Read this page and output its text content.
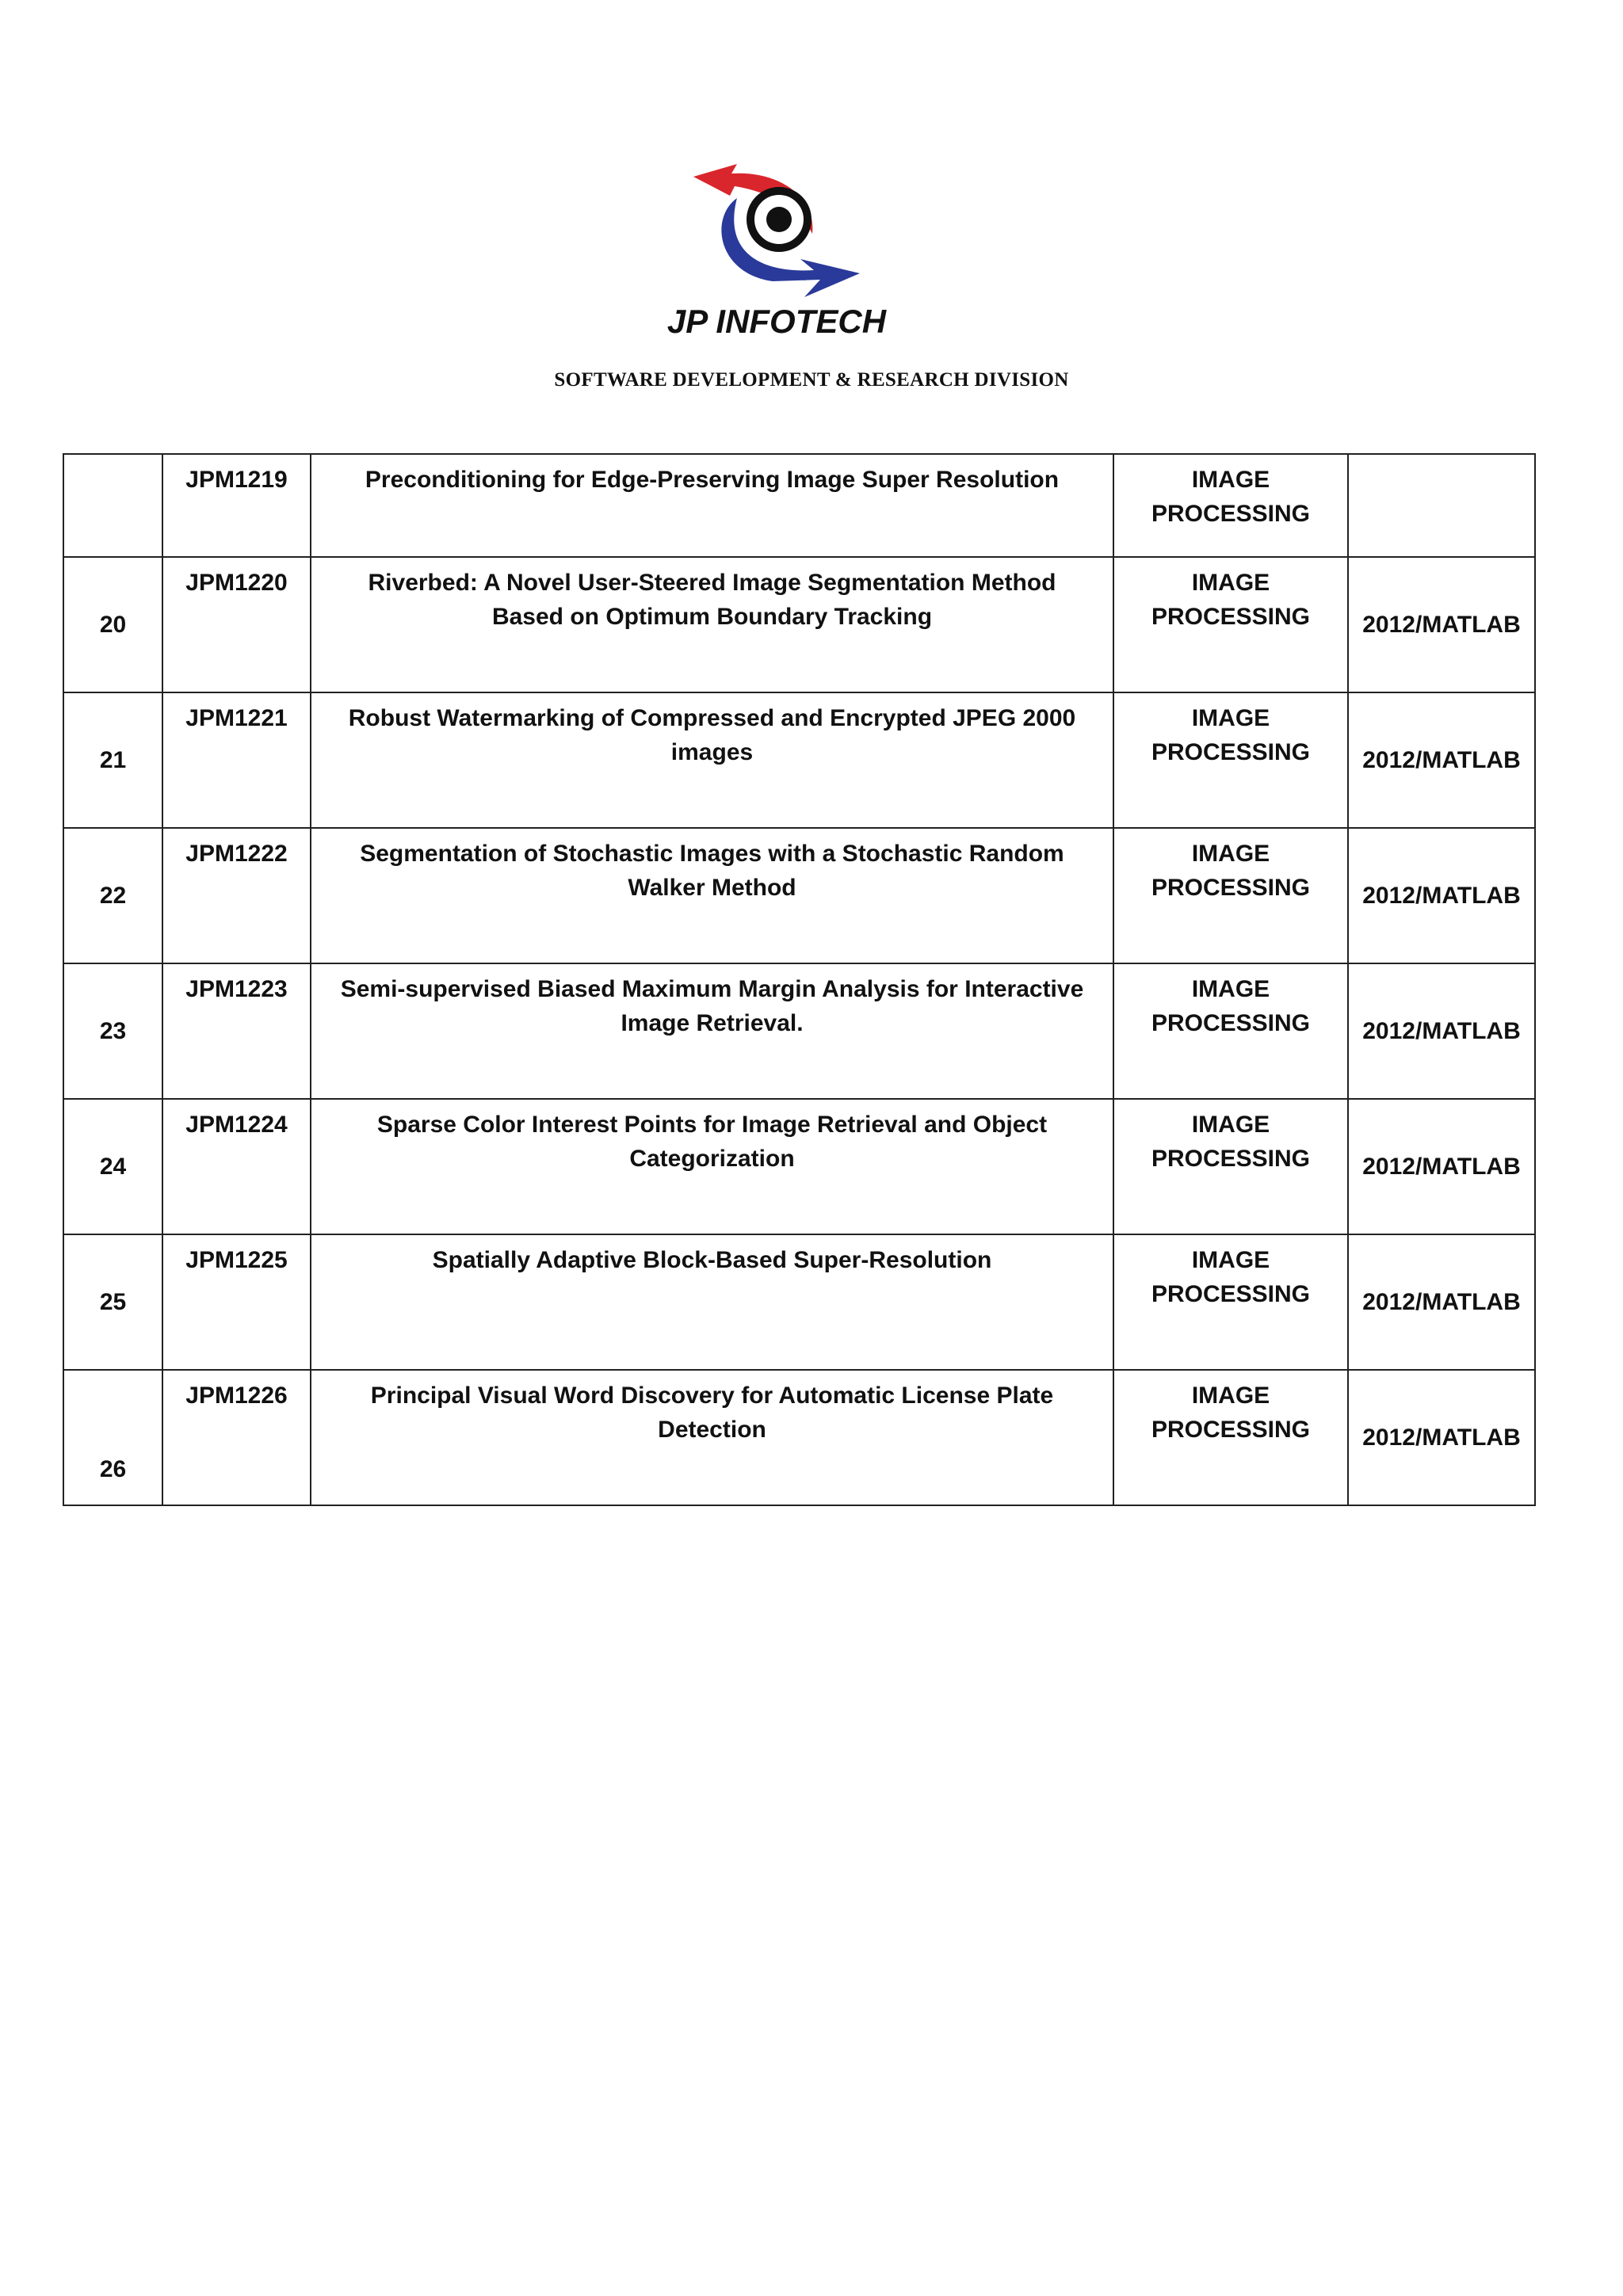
JP INFOTECH
SOFTWARE DEVELOPMENT & RESEARCH DIVISION
	JPM1219	Preconditioning for Edge-Preserving Image Super Resolution	IMAGE PROCESSING	
20	JPM1220	Riverbed: A Novel User-Steered Image Segmentation Method Based on Optimum Boundary Tracking	IMAGE PROCESSING	2012/MATLAB
21	JPM1221	Robust Watermarking of Compressed and Encrypted JPEG 2000 images	IMAGE PROCESSING	2012/MATLAB
22	JPM1222	Segmentation of Stochastic Images with a Stochastic Random Walker Method	IMAGE PROCESSING	2012/MATLAB
23	JPM1223	Semi-supervised Biased Maximum Margin Analysis for Interactive Image Retrieval.	IMAGE PROCESSING	2012/MATLAB
24	JPM1224	Sparse Color Interest Points for Image Retrieval and Object Categorization	IMAGE PROCESSING	2012/MATLAB
25	JPM1225	Spatially Adaptive Block-Based Super-Resolution	IMAGE PROCESSING	2012/MATLAB
26	JPM1226	Principal Visual Word Discovery for Automatic License Plate Detection	IMAGE PROCESSING	2012/MATLAB
